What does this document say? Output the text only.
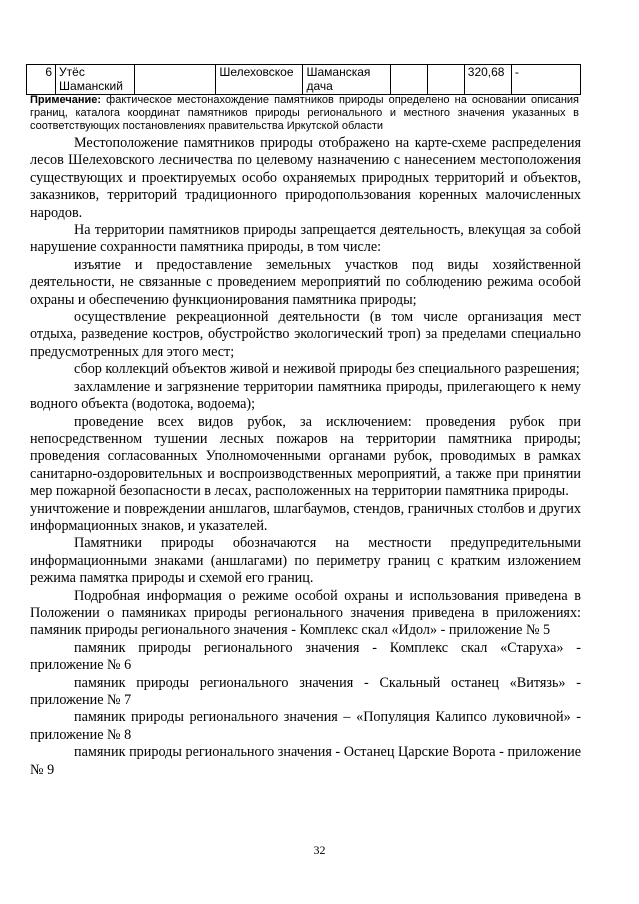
6	Утёс Шаманский		Шелеховское	Шаманская дача			320,68	-
Примечание: фактическое местонахождение памятников природы определено на основании описания границ, каталога координат памятников природы регионального и местного значения указанных в соответствующих постановлениях правительства Иркутской области

Местоположение памятников природы отображено на карте-схеме распределения лесов Шелеховского лесничества по целевому назначению с нанесением местоположения существующих и проектируемых особо охраняемых природных территорий и объектов, заказников, территорий традиционного природопользования коренных малочисленных народов.

На территории памятников природы запрещается деятельность, влекущая за собой нарушение сохранности памятника природы, в том числе:

изъятие и предоставление земельных участков под виды хозяйственной деятельности, не связанные с проведением мероприятий по соблюдению режима особой охраны и обеспечению функционирования памятника природы;

осуществление рекреационной деятельности (в том числе организация мест отдыха, разведение костров, обустройство экологический троп) за пределами специально предусмотренных для этого мест;

сбор коллекций объектов живой и неживой природы без специального разрешения;

захламление и загрязнение территории памятника природы, прилегающего к нему водного объекта (водотока, водоема);

проведение всех видов рубок, за исключением: проведения рубок при непосредственном тушении лесных пожаров на территории памятника природы; проведения согласованных Уполномоченными органами рубок, проводимых в рамках санитарно-оздоровительных и воспроизводственных мероприятий, а также при принятии мер пожарной безопасности в лесах, расположенных на территории памятника природы.

уничтожение и повреждении аншлагов, шлагбаумов, стендов, граничных столбов и других информационных знаков, и указателей.

Памятники природы обозначаются на местности предупредительными информационными знаками (аншлагами) по периметру границ с кратким изложением режима памятка природы и схемой его границ.

Подробная информация о режиме особой охраны и использования приведена в Положении о памяниках природы регионального значения приведена в приложениях: памяник природы регионального значения - Комплекс скал «Идол» - приложение № 5

памяник природы регионального значения - Комплекс скал «Старуха» - приложение № 6

памяник природы регионального значения - Скальный останец «Витязь» - приложение № 7

памяник природы регионального значения – «Популяция Калипсо луковичной» - приложение № 8

памяник природы регионального значения - Останец Царские Ворота - приложение № 9

32
